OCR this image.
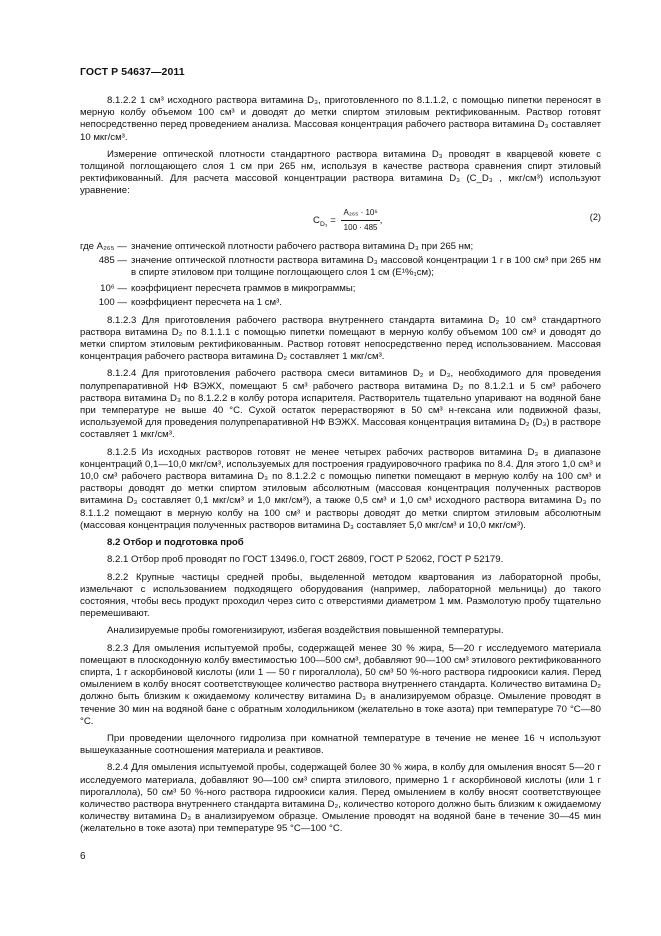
ГОСТ Р 54637—2011

8.1.2.2 1 см³ исходного раствора витамина D₃, приготовленного по 8.1.1.2, с помощью пипетки переносят в мерную колбу объемом 100 см³ и доводят до метки спиртом этиловым ректификованным. Раствор готовят непосредственно перед проведением анализа. Массовая концентрация рабочего раствора витамина D₃ составляет 10 мкг/см³.

Измерение оптической плотности стандартного раствора витамина D₃ проводят в кварцевой кювете с толщиной поглощающего слоя 1 см при 265 нм, используя в качестве раствора сравнения спирт этиловый ректификованный. Для расчета массовой концентрации раствора витамина D₃ (C_D₃ , мкг/см³) используют уравнение:

$C_{D_3} = \frac{\text{A₂₆₅ · 10⁶}}{100 \cdot 485}$ ,	(2)
где A₂₆₅ — значение оптической плотности рабочего раствора витамина D₃ при 265 нм;
485 — значение оптической плотности раствора витамина D₃ массовой концентрации 1 г в 100 см³ при 265 нм в спирте этиловом при толщине поглощающего слоя 1 см (E¹%₁см);
10⁶ — коэффициент пересчета граммов в микрограммы;
100 — коэффициент пересчета на 1 см³.

8.1.2.3 Для приготовления рабочего раствора внутреннего стандарта витамина D₂ 10 см³ стандартного раствора витамина D₂ по 8.1.1.1 с помощью пипетки помещают в мерную колбу объемом 100 см³ и доводят до метки спиртом этиловым ректификованным. Раствор готовят непосредственно перед использованием. Массовая концентрация рабочего раствора витамина D₂ составляет 1 мкг/см³.

8.1.2.4 Для приготовления рабочего раствора смеси витаминов D₂ и D₃, необходимого для проведения полупрепаративной НФ ВЭЖХ, помещают 5 см³ рабочего раствора витамина D₂ по 8.1.2.1 и 5 см³ рабочего раствора витамина D₃ по 8.1.2.2 в колбу ротора испарителя. Растворитель тщательно упаривают на водяной бане при температуре не выше 40 °С. Сухой остаток перерастворяют в 50 см³ н-гексана или подвижной фазы, используемой для проведения полупрепаративной НФ ВЭЖХ. Массовая концентрация витамина D₂ (D₃) в растворе составляет 1 мкг/см³.

8.1.2.5 Из исходных растворов готовят не менее четырех рабочих растворов витамина D₃ в диапазоне концентраций 0,1—10,0 мкг/см³, используемых для построения градуировочного графика по 8.4. Для этого 1,0 см³ и 10,0 см³ рабочего раствора витамина D₃ по 8.1.2.2 с помощью пипетки помещают в мерную колбу на 100 см³ и растворы доводят до метки спиртом этиловым абсолютным (массовая концентрация полученных растворов витамина D₃ составляет 0,1 мкг/см³ и 1,0 мкг/см³), а также 0,5 см³ и 1,0 см³ исходного раствора витамина D₃ по 8.1.1.2 помещают в мерную колбу на 100 см³ и растворы доводят до метки спиртом этиловым абсолютным (массовая концентрация полученных растворов витамина D₃ составляет 5,0 мкг/см³ и 10,0 мкг/см³).

8.2 Отбор и подготовка проб

8.2.1 Отбор проб проводят по ГОСТ 13496.0, ГОСТ 26809, ГОСТ Р 52062, ГОСТ Р 52179.

8.2.2 Крупные частицы средней пробы, выделенной методом квартования из лабораторной пробы, измельчают с использованием подходящего оборудования (например, лабораторной мельницы) до такого состояния, чтобы весь продукт проходил через сито с отверстиями диаметром 1 мм. Размолотую пробу тщательно перемешивают.

Анализируемые пробы гомогенизируют, избегая воздействия повышенной температуры.

8.2.3 Для омыления испытуемой пробы, содержащей менее 30 % жира, 5—20 г исследуемого материала помещают в плоскодонную колбу вместимостью 100—500 см³, добавляют 90—100 см³ этилового ректификованного спирта, 1 г аскорбиновой кислоты (или 1 — 50 г пирогаллола), 50 см³ 50 %-ного раствора гидроокиси калия. Перед омылением в колбу вносят соответствующее количество раствора внутреннего стандарта. Количество витамина D₂ должно быть близким к ожидаемому количеству витамина D₃ в анализируемом образце. Омыление проводят в течение 30 мин на водяной бане с обратным холодильником (желательно в токе азота) при температуре 70 °С—80 °С.

При проведении щелочного гидролиза при комнатной температуре в течение не менее 16 ч используют вышеуказанные соотношения материала и реактивов.

8.2.4 Для омыления испытуемой пробы, содержащей более 30 % жира, в колбу для омыления вносят 5—20 г исследуемого материала, добавляют 90—100 см³ спирта этилового, примерно 1 г аскорбиновой кислоты (или 1 г пирогаллола), 50 см³ 50 %-ного раствора гидроокиси калия. Перед омылением в колбу вносят соответствующее количество раствора внутреннего стандарта витамина D₂, количество которого должно быть близким к ожидаемому количеству витамина D₃ в анализируемом образце. Омыление проводят на водяной бане в течение 30—45 мин (желательно в токе азота) при температуре 95 °С—100 °С.

6
